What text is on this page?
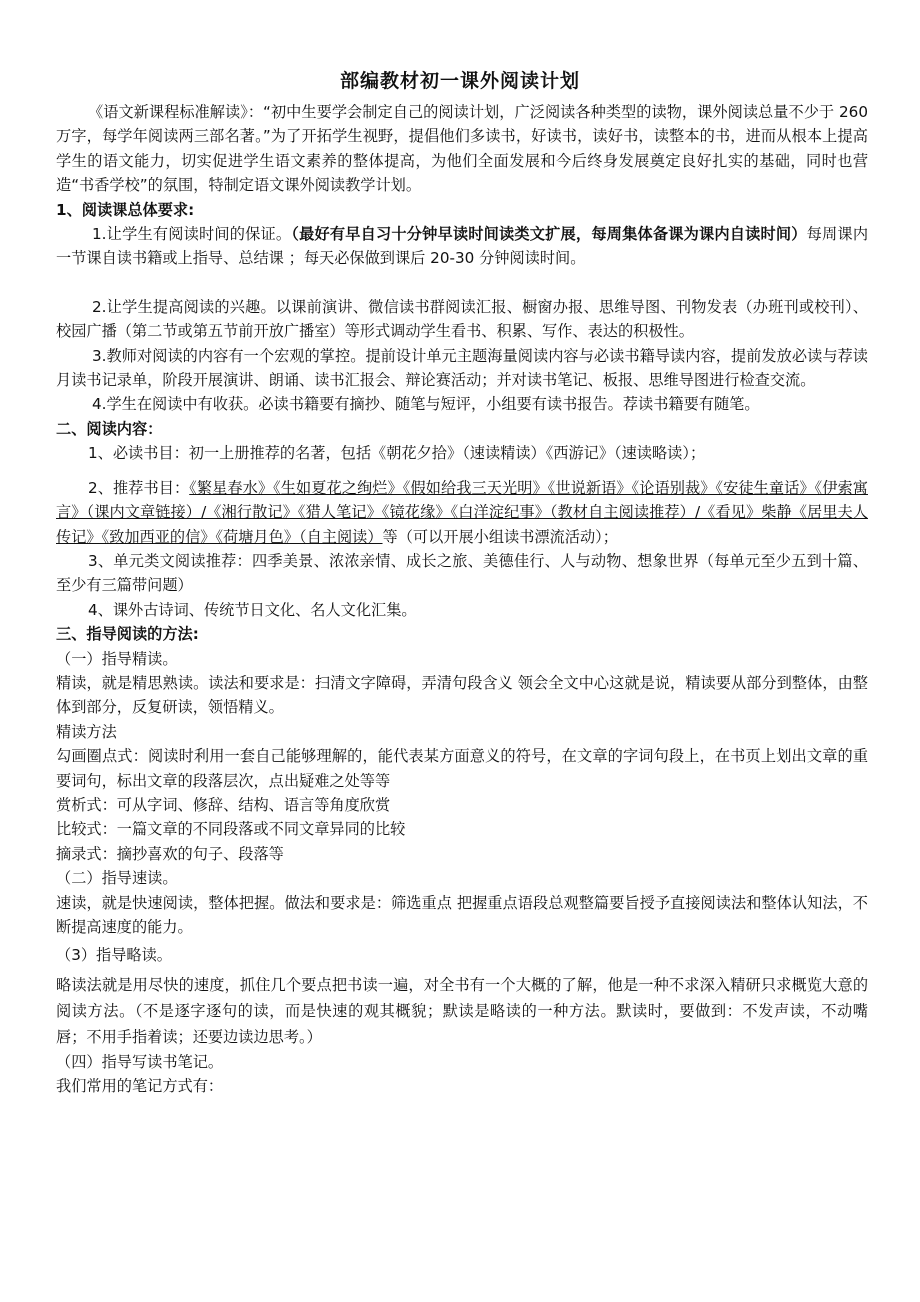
部编教材初一课外阅读计划

《语文新课程标准解读》：“初中生要学会制定自己的阅读计划，广泛阅读各种类型的读物，课外阅读总量不少于 260 万字，每学年阅读两三部名著。”为了开拓学生视野，提倡他们多读书，好读书，读好书，读整本的书，进而从根本上提高学生的语文能力，切实促进学生语文素养的整体提高，为他们全面发展和今后终身发展奠定良好扎实的基础，同时也营造“书香学校”的氛围，特制定语文课外阅读教学计划。

1、阅读课总体要求:

1.让学生有阅读时间的保证。（最好有早自习十分钟早读时间读类文扩展，每周集体备课为课内自读时间）每周课内一节课自读书籍或上指导、总结课 ；每天必保做到课后 20-30 分钟阅读时间。

2.让学生提高阅读的兴趣。以课前演讲、微信读书群阅读汇报、橱窗办报、思维导图、刊物发表（办班刊或校刊）、校园广播（第二节或第五节前开放广播室）等形式调动学生看书、积累、写作、表达的积极性。

3.教师对阅读的内容有一个宏观的掌控。提前设计单元主题海量阅读内容与必读书籍导读内容，提前发放必读与荐读月读书记录单，阶段开展演讲、朗诵、读书汇报会、辩论赛活动；并对读书笔记、板报、思维导图进行检查交流。

4.学生在阅读中有收获。必读书籍要有摘抄、随笔与短评，小组要有读书报告。荐读书籍要有随笔。

二、阅读内容：

1、必读书目：初一上册推荐的名著，包括《朝花夕拾》（速读精读）《西游记》（速读略读）；

2、推荐书目：《繁星春水》《生如夏花之绚烂》《假如给我三天光明》《世说新语》《论语别裁》《安徒生童话》《伊索寓言》（课内文章链接）/《湘行散记》《猎人笔记》《镜花缘》《白洋淀纪事》（教材自主阅读推荐）/《看见》柴静《居里夫人传记》《致加西亚的信》《荷塘月色》（自主阅读）等（可以开展小组读书漂流活动）；

3、单元类文阅读推荐：四季美景、浓浓亲情、成长之旅、美德佳行、人与动物、想象世界（每单元至少五到十篇、至少有三篇带问题）

4、课外古诗词、传统节日文化、名人文化汇集。

三、指导阅读的方法:

（一）指导精读。

精读，就是精思熟读。读法和要求是：扫清文字障碍，弄清句段含义 领会全文中心这就是说，精读要从部分到整体，由整体到部分，反复研读，领悟精义。

精读方法

勾画圈点式：阅读时利用一套自己能够理解的，能代表某方面意义的符号，在文章的字词句段上，在书页上划出文章的重要词句，标出文章的段落层次，点出疑难之处等等

赏析式：可从字词、修辞、结构、语言等角度欣赏

比较式：一篇文章的不同段落或不同文章异同的比较

摘录式：摘抄喜欢的句子、段落等

（二）指导速读。

速读，就是快速阅读，整体把握。做法和要求是：筛选重点 把握重点语段总观整篇要旨授予直接阅读法和整体认知法，不断提高速度的能力。

（3）指导略读。

略读法就是用尽快的速度，抓住几个要点把书读一遍，对全书有一个大概的了解，他是一种不求深入精研只求概览大意的阅读方法。（不是逐字逐句的读，而是快速的观其概貌；默读是略读的一种方法。默读时，要做到：不发声读，不动嘴唇；不用手指着读；还要边读边思考。）

（四）指导写读书笔记。

我们常用的笔记方式有：
